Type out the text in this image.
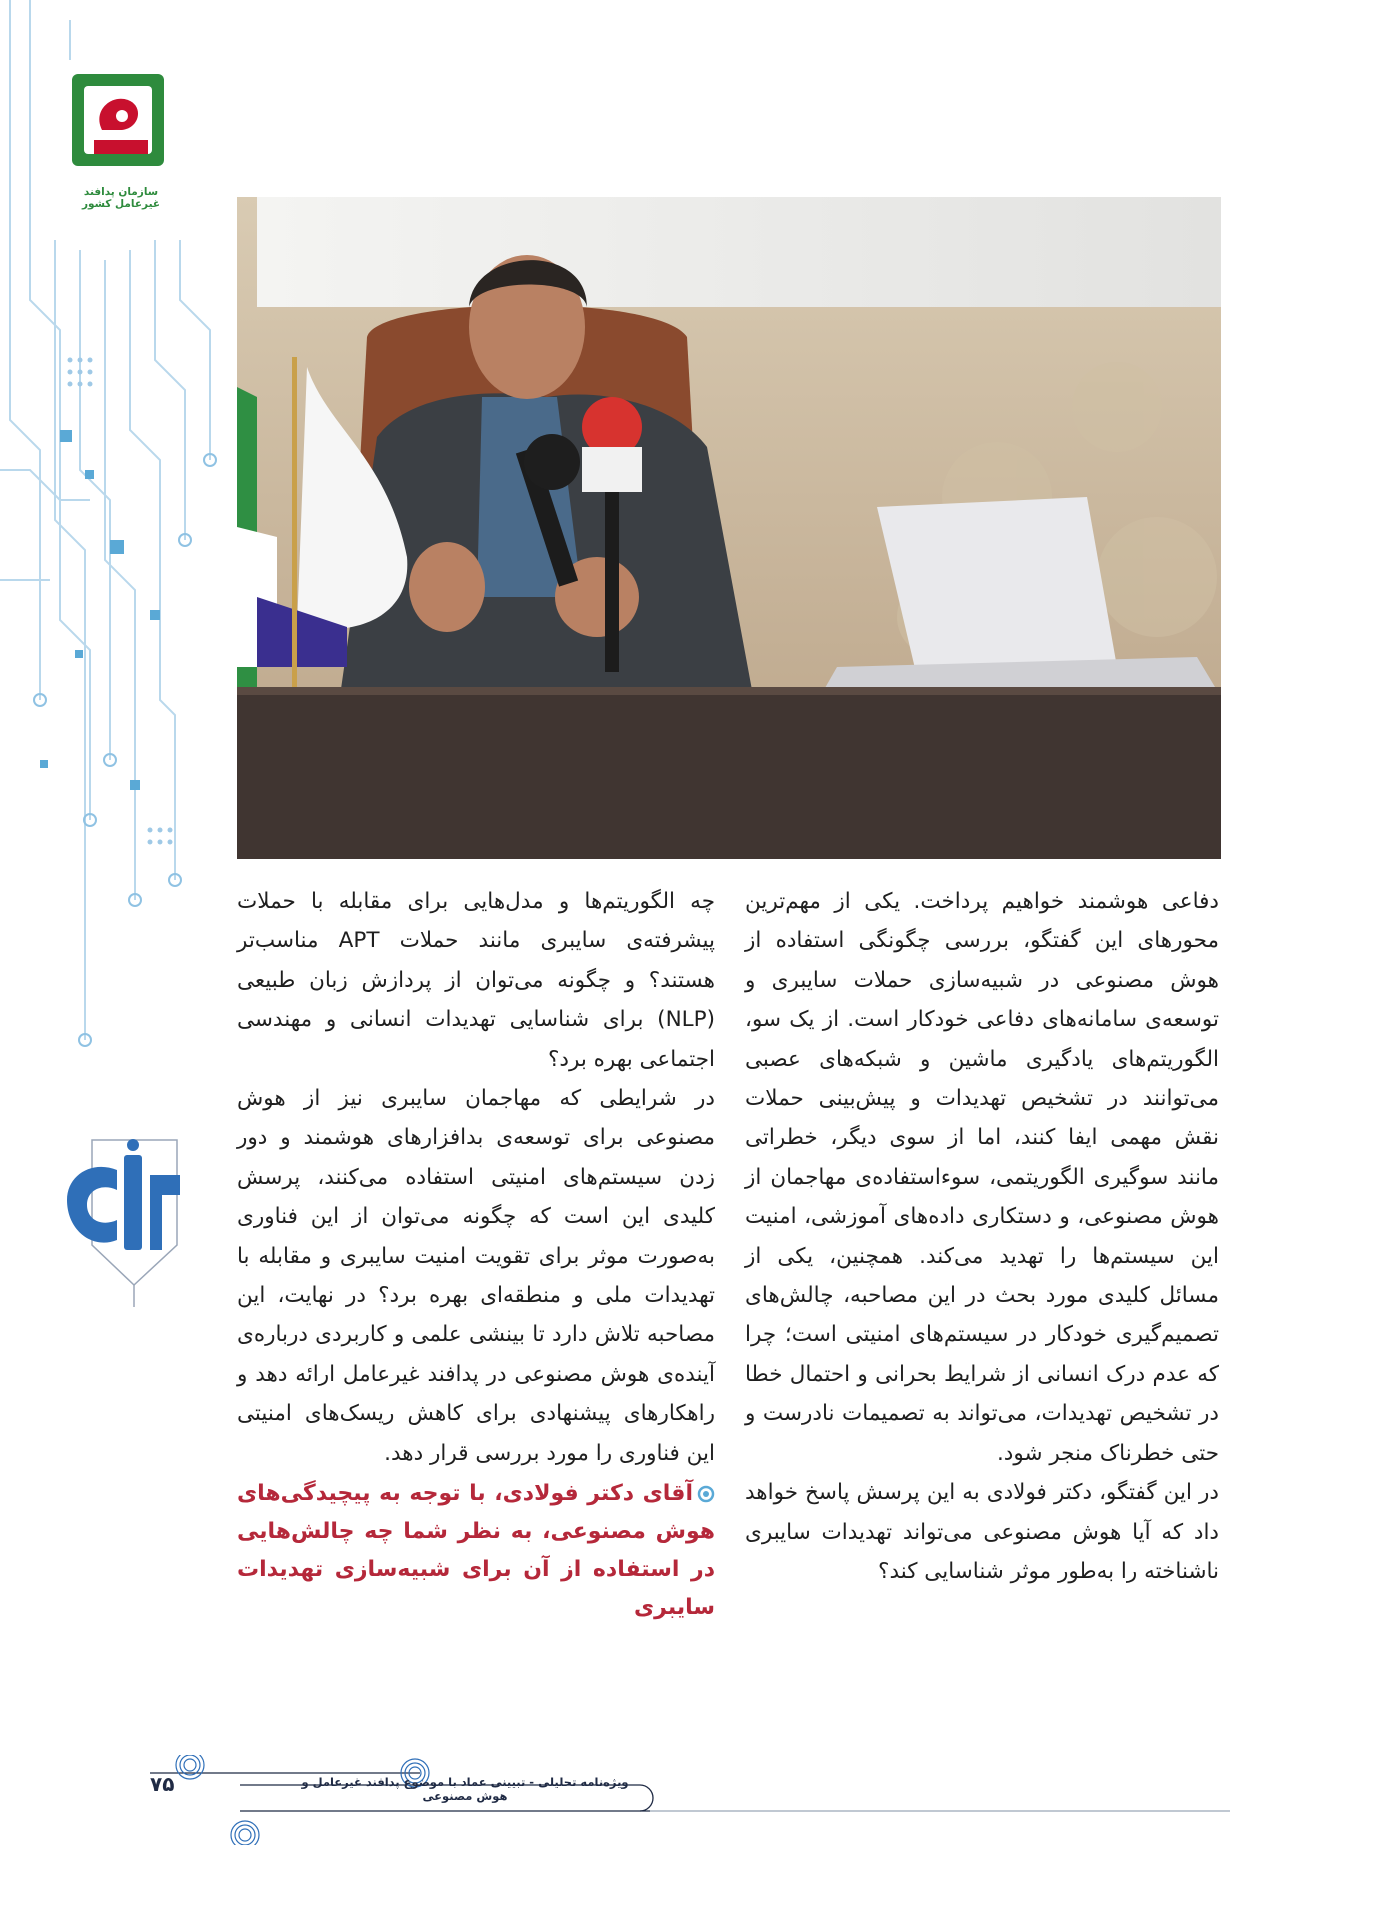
سازمان پدافند غیرعامل کشور

دفاعی هوشمند خواهیم پرداخت. یکی از مهم‌ترین محورهای این گفتگو، بررسی چگونگی استفاده از هوش مصنوعی در شبیه‌سازی حملات سایبری و توسعه‌ی سامانه‌های دفاعی خودکار است. از یک سو، الگوریتم‌های یادگیری ماشین و شبکه‌های عصبی می‌توانند در تشخیص تهدیدات و پیش‌بینی حملات نقش مهمی ایفا کنند، اما از سوی دیگر، خطراتی مانند سوگیری الگوریتمی، سوءاستفاده‌ی مهاجمان از هوش مصنوعی، و دستکاری داده‌های آموزشی، امنیت این سیستم‌ها را تهدید می‌کند. همچنین، یکی از مسائل کلیدی مورد بحث در این مصاحبه، چالش‌های تصمیم‌گیری خودکار در سیستم‌های امنیتی است؛ چرا که عدم درک انسانی از شرایط بحرانی و احتمال خطا در تشخیص تهدیدات، می‌تواند به تصمیمات نادرست و حتی خطرناک منجر شود.

در این گفتگو، دکتر فولادی به این پرسش پاسخ خواهد داد که آیا هوش مصنوعی می‌تواند تهدیدات سایبری ناشناخته را به‌طور موثر شناسایی کند؟

چه الگوریتم‌ها و مدل‌هایی برای مقابله با حملات پیشرفته‌ی سایبری مانند حملات APT مناسب‌تر هستند؟ و چگونه می‌توان از پردازش زبان طبیعی (NLP) برای شناسایی تهدیدات انسانی و مهندسی اجتماعی بهره برد؟

در شرایطی که مهاجمان سایبری نیز از هوش مصنوعی برای توسعه‌ی بدافزارهای هوشمند و دور زدن سیستم‌های امنیتی استفاده می‌کنند، پرسش کلیدی این است که چگونه می‌توان از این فناوری به‌صورت موثر برای تقویت امنیت سایبری و مقابله با تهدیدات ملی و منطقه‌ای بهره برد؟ در نهایت، این مصاحبه تلاش دارد تا بینشی علمی و کاربردی درباره‌ی آینده‌ی هوش مصنوعی در پدافند غیرعامل ارائه دهد و راهکارهای پیشنهادی برای کاهش ریسک‌های امنیتی این فناوری را مورد بررسی قرار دهد.

آقای دکتر فولادی، با توجه به پیچیدگی‌های هوش مصنوعی، به نظر شما چه چالش‌هایی در استفاده از آن برای شبیه‌سازی تهدیدات سایبری

۷۵	ویژه‌نامه تحلیلی - تبیینی عماد با موضوع پدافند غیرعامل و هوش مصنوعی
